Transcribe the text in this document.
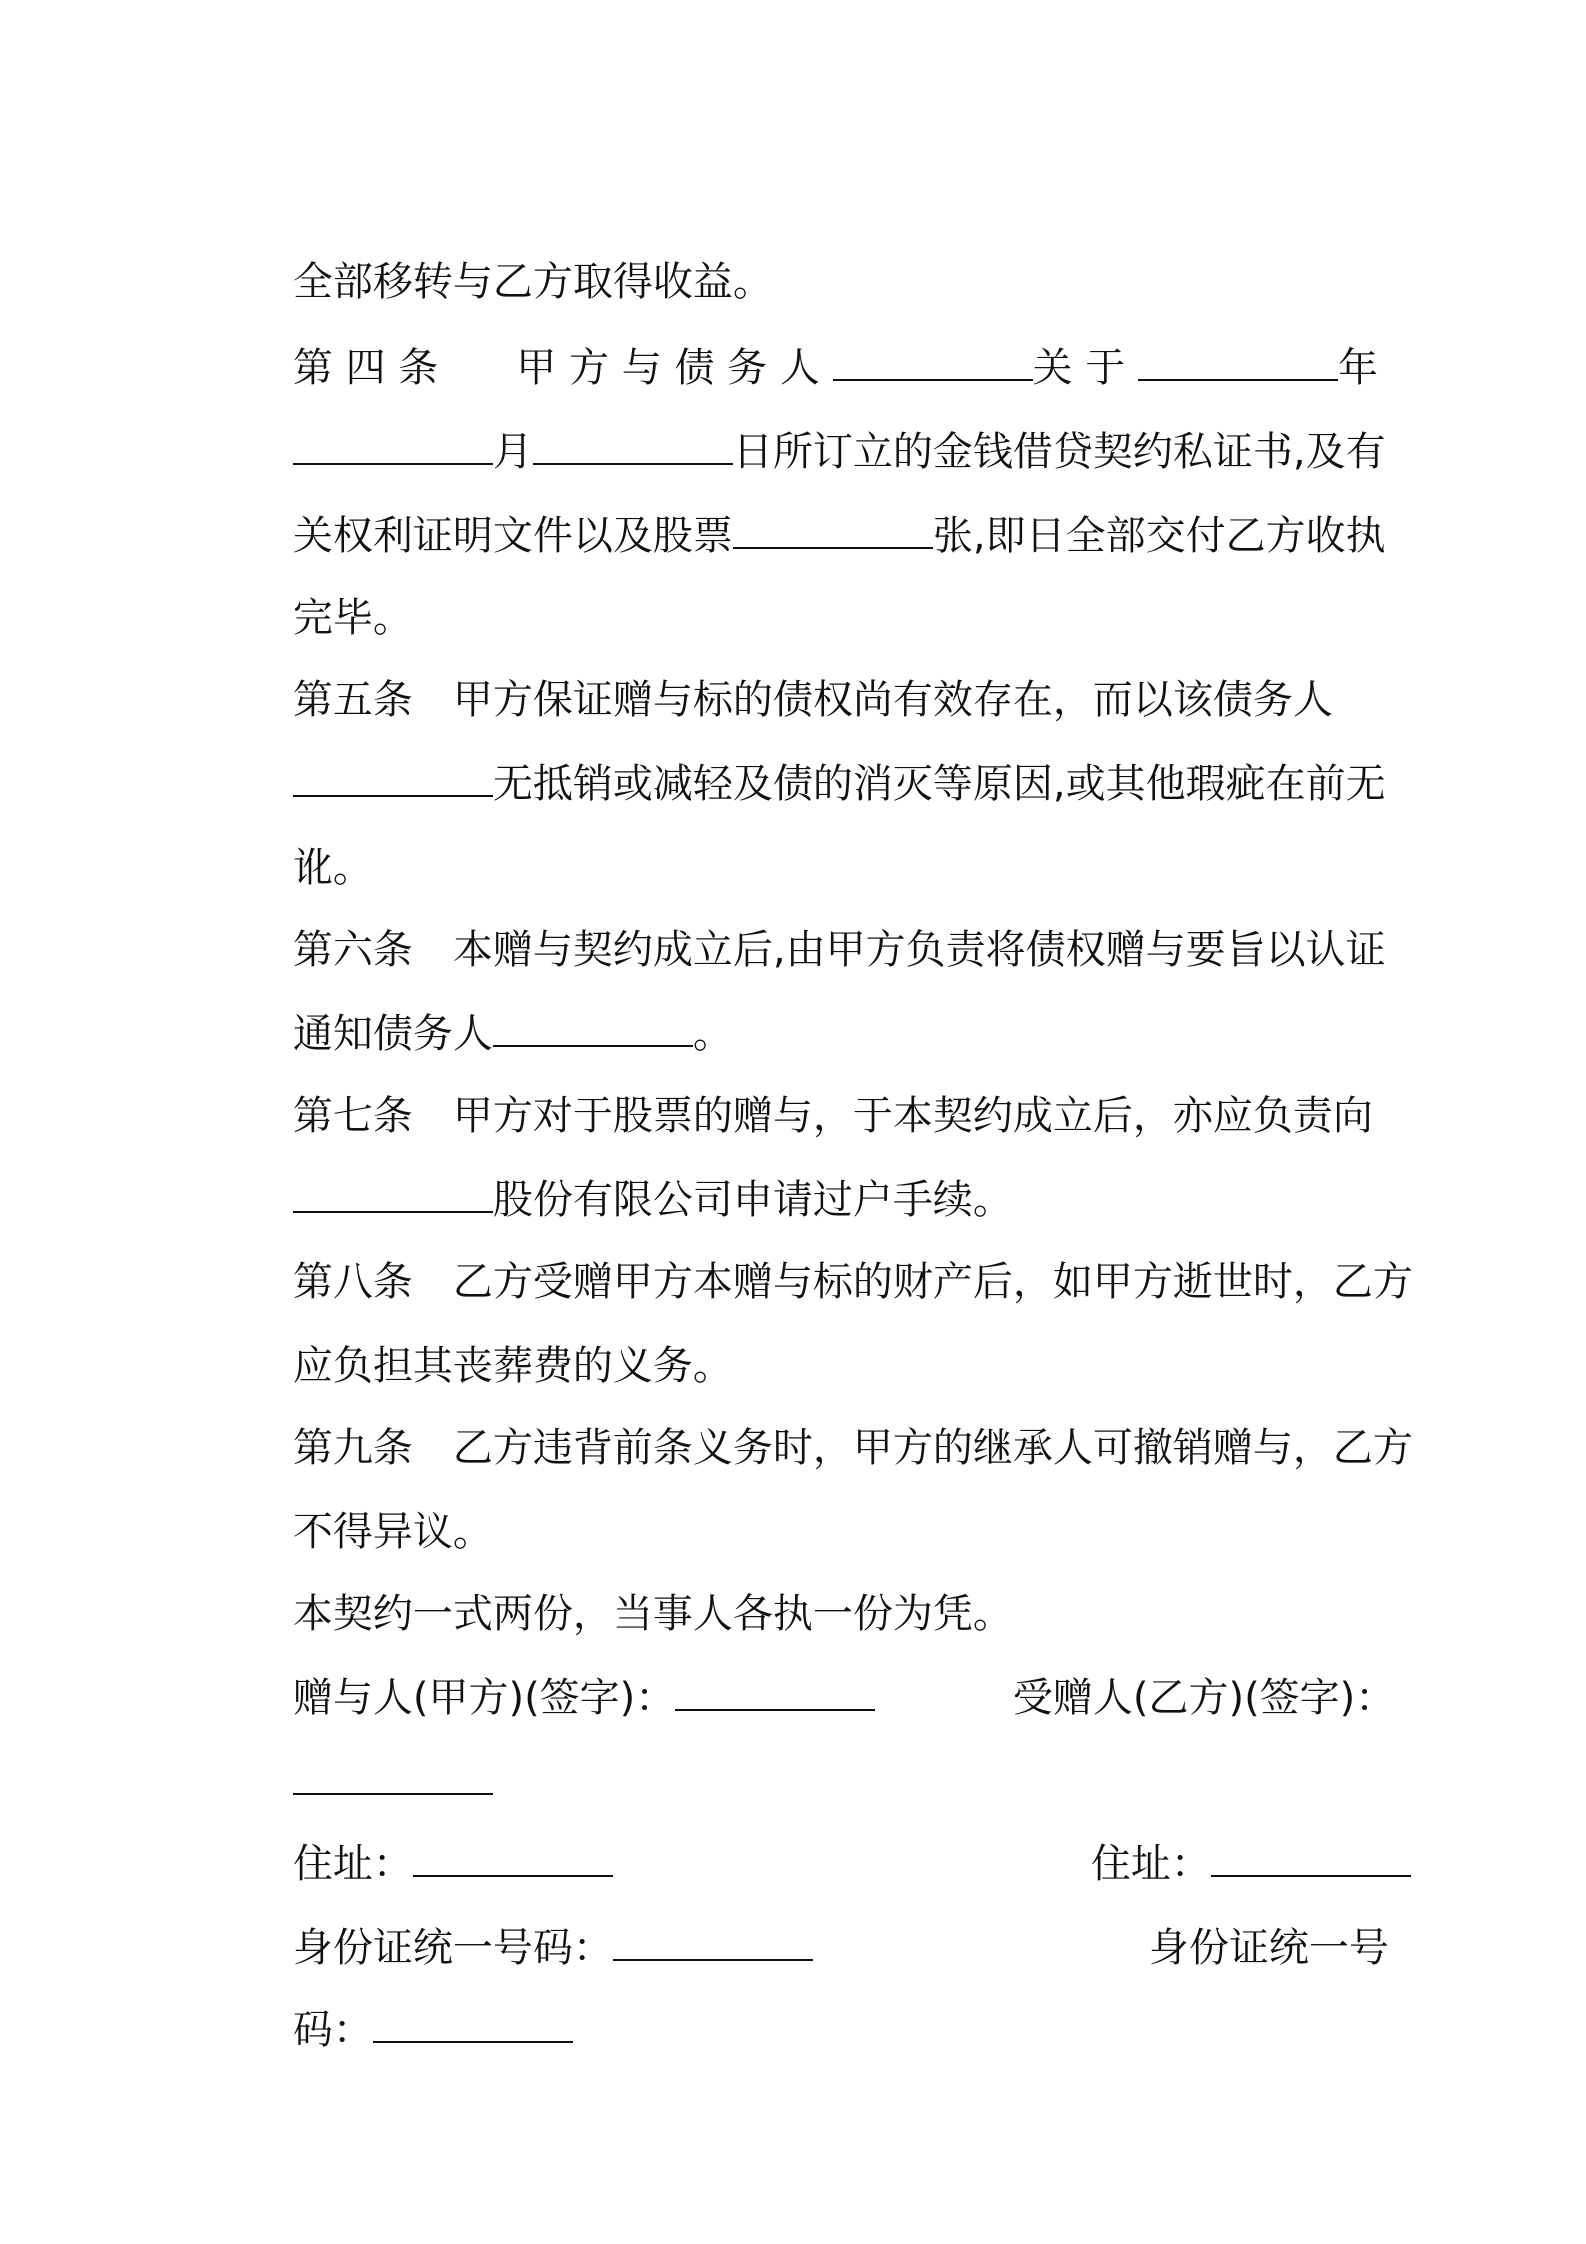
全部移转与乙方取得收益。

第 四 条 甲 方 与 债 务 人	关 于	年

月	日所订立的金钱借贷契约私证书,及有

关权利证明文件以及股票	张,即日全部交付乙方收执

完毕。

第五条　甲方保证赠与标的债权尚有效存在，而以该债务人

无抵销或减轻及债的消灭等原因,或其他瑕疵在前无

讹。

第六条　本赠与契约成立后,由甲方负责将债权赠与要旨以认证

通知债务人	。

第七条　甲方对于股票的赠与，于本契约成立后，亦应负责向

股份有限公司申请过户手续。

第八条　乙方受赠甲方本赠与标的财产后，如甲方逝世时，乙方

应负担其丧葬费的义务。

第九条　乙方违背前条义务时，甲方的继承人可撤销赠与，乙方

不得异议。

本契约一式两份，当事人各执一份为凭。

赠与人(甲方)(签字)：
	受赠人(乙方)(签字)：

住址：
	住址：

身份证统一号码：
	身份证统一号

码：
